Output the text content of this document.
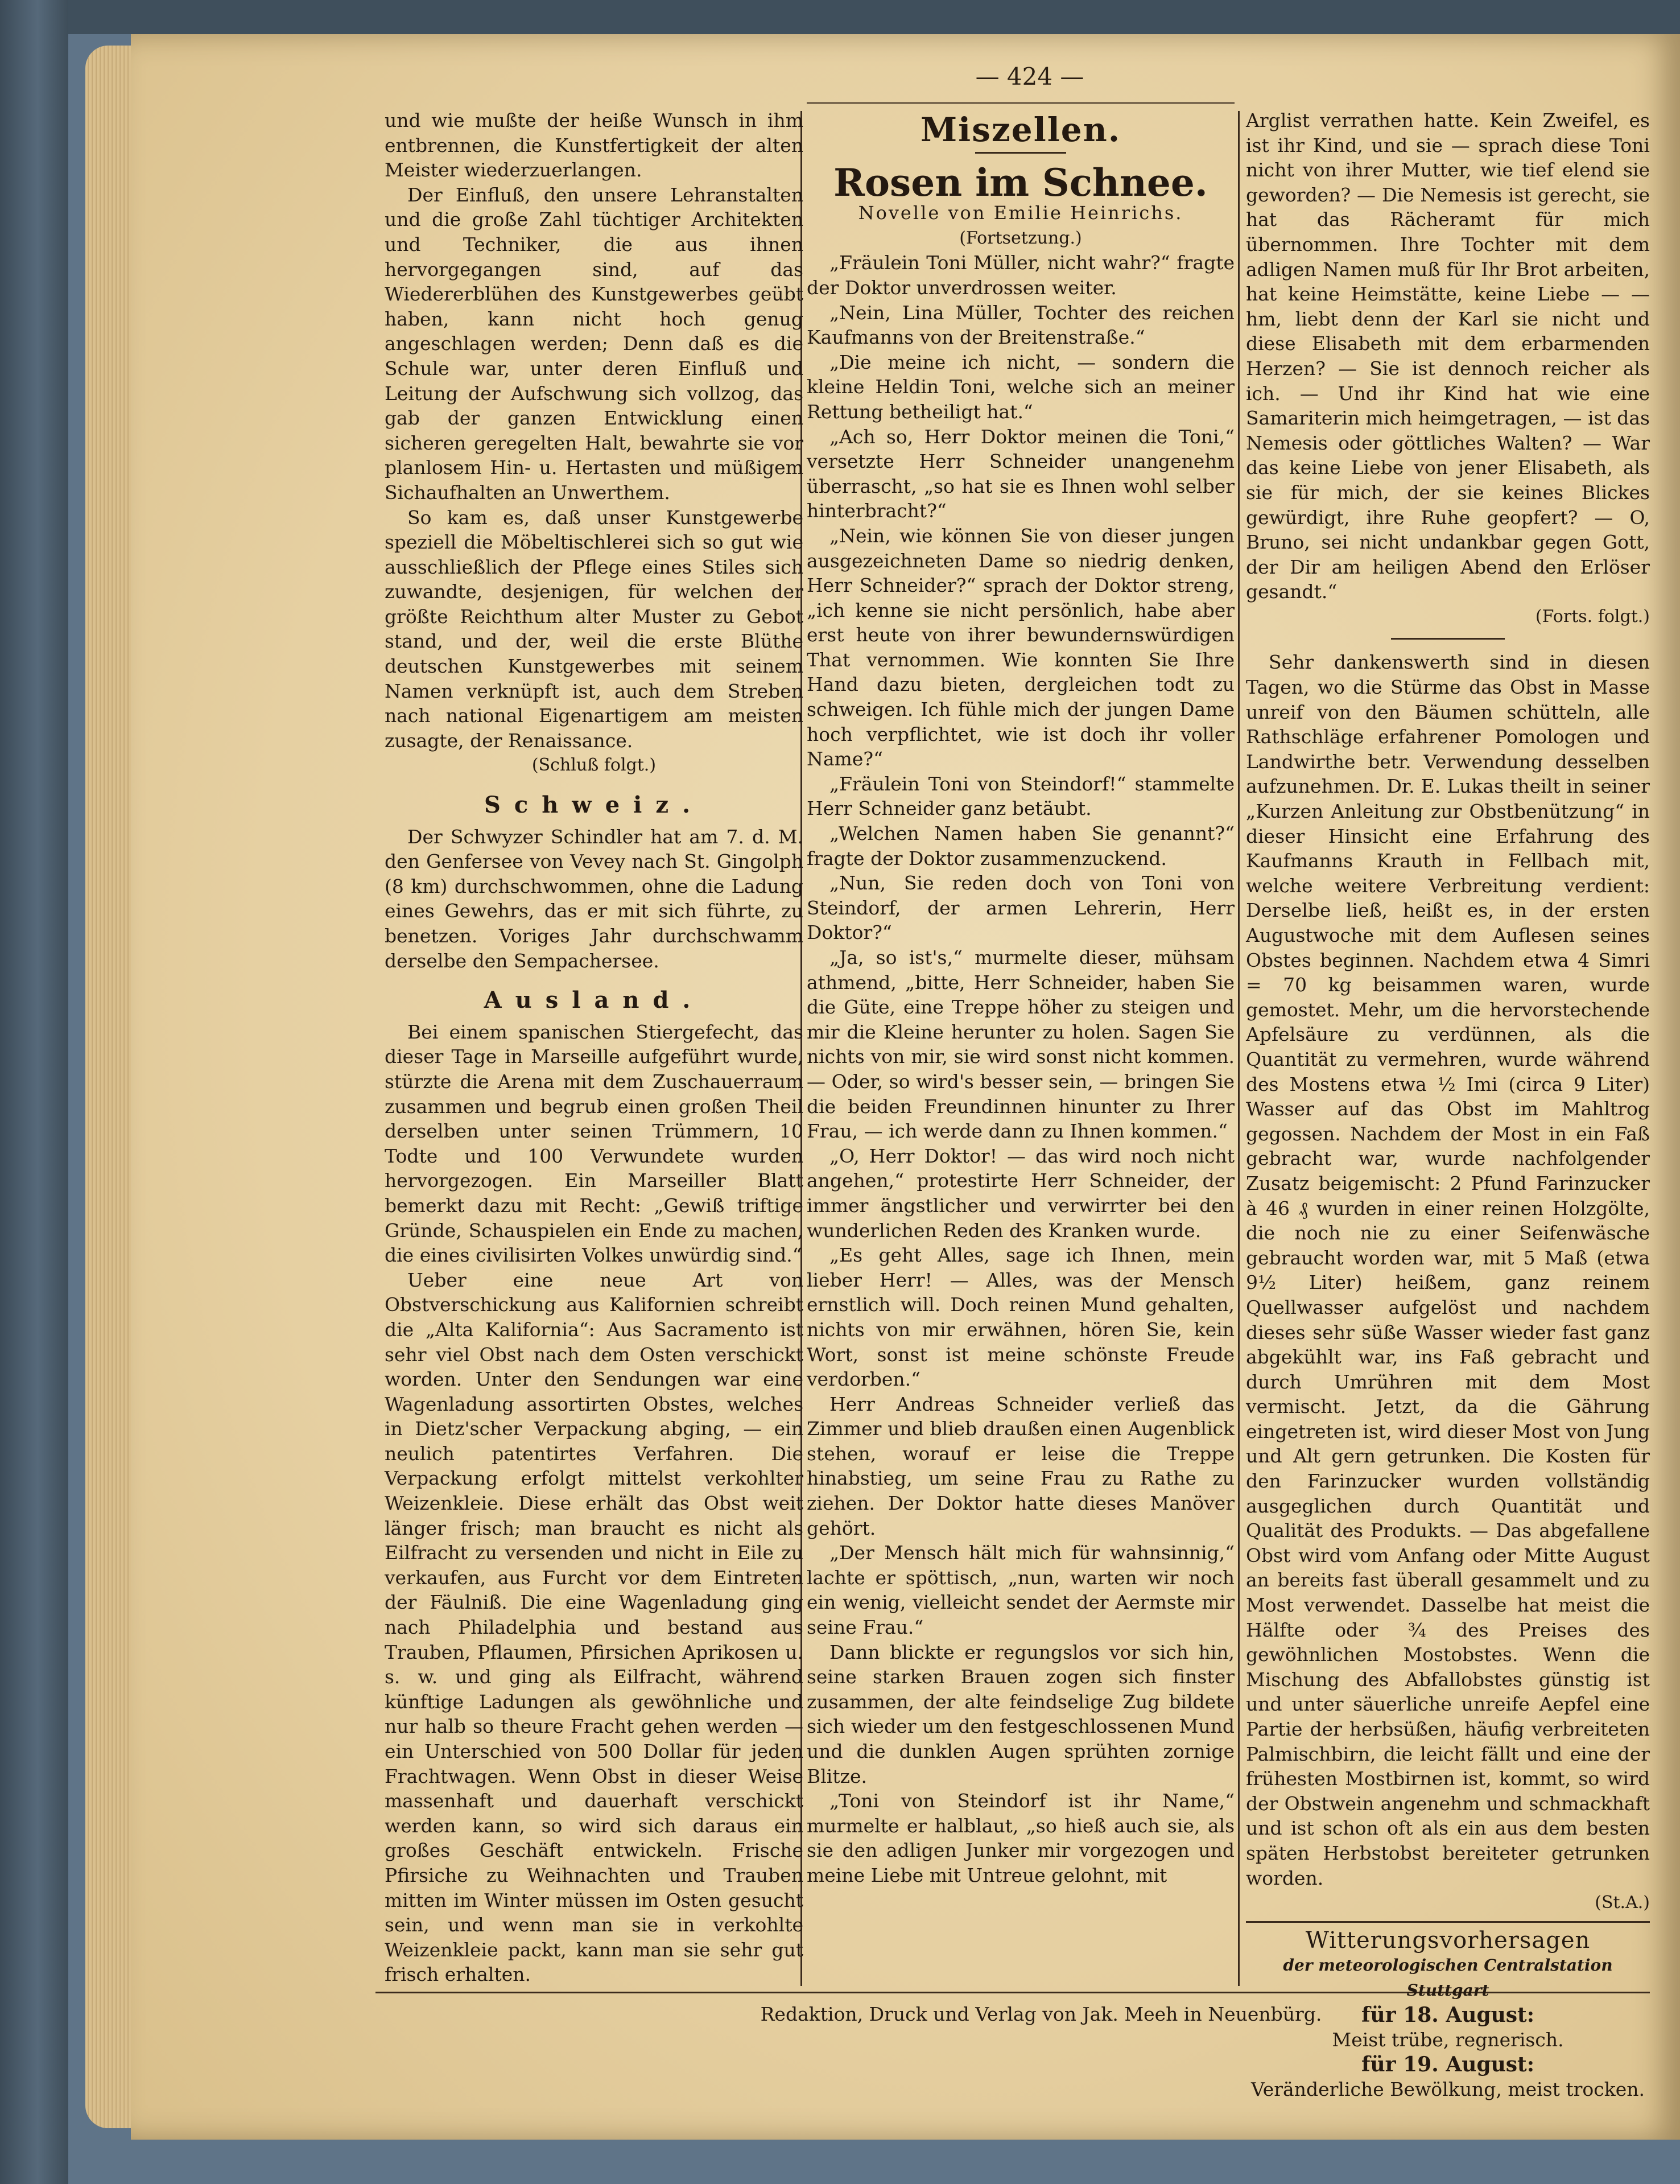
— 424 —

und wie mußte der heiße Wunsch in ihm entbrennen, die Kunstfertigkeit der alten Meister wiederzuerlangen.

Der Einfluß, den unsere Lehranstalten und die große Zahl tüchtiger Architekten und Techniker, die aus ihnen hervorgegangen sind, auf das Wiedererblühen des Kunstgewerbes geübt haben, kann nicht hoch genug angeschlagen werden; Denn daß es die Schule war, unter deren Einfluß und Leitung der Aufschwung sich vollzog, das gab der ganzen Entwicklung einen sicheren geregelten Halt, bewahrte sie vor planlosem Hin- u. Hertasten und müßigem Sichaufhalten an Unwerthem.

So kam es, daß unser Kunstgewerbe speziell die Möbeltischlerei sich so gut wie ausschließlich der Pflege eines Stiles sich zuwandte, desjenigen, für welchen der größte Reichthum alter Muster zu Gebot stand, und der, weil die erste Blüthe deutschen Kunstgewerbes mit seinem Namen verknüpft ist, auch dem Streben nach national Eigenartigem am meisten zusagte, der Renaissance.

(Schluß folgt.)

Schweiz.

Der Schwyzer Schindler hat am 7. d. M. den Genfersee von Vevey nach St. Gingolph (8 km) durchschwommen, ohne die Ladung eines Gewehrs, das er mit sich führte, zu benetzen. Voriges Jahr durchschwamm derselbe den Sempachersee.

Ausland.

Bei einem spanischen Stiergefecht, das dieser Tage in Marseille aufgeführt wurde, stürzte die Arena mit dem Zuschauerraum zusammen und begrub einen großen Theil derselben unter seinen Trümmern, 10 Todte und 100 Verwundete wurden hervorgezogen. Ein Marseiller Blatt bemerkt dazu mit Recht: „Gewiß triftige Gründe, Schauspielen ein Ende zu machen, die eines civilisirten Volkes unwürdig sind.“

Ueber eine neue Art von Obstverschickung aus Kalifornien schreibt die „Alta Kalifornia“: Aus Sacramento ist sehr viel Obst nach dem Osten verschickt worden. Unter den Sendungen war eine Wagenladung assortirten Obstes, welches in Dietz'scher Verpackung abging, — ein neulich patentirtes Verfahren. Die Verpackung erfolgt mittelst verkohlter Weizenkleie. Diese erhält das Obst weit länger frisch; man braucht es nicht als Eilfracht zu versenden und nicht in Eile zu verkaufen, aus Furcht vor dem Eintreten der Fäulniß. Die eine Wagenladung ging nach Philadelphia und bestand aus Trauben, Pflaumen, Pfirsichen Aprikosen u. s. w. und ging als Eilfracht, während künftige Ladungen als gewöhnliche und nur halb so theure Fracht gehen werden — ein Unterschied von 500 Dollar für jeden Frachtwagen. Wenn Obst in dieser Weise massenhaft und dauerhaft verschickt werden kann, so wird sich daraus ein großes Geschäft entwickeln. Frische Pfirsiche zu Weihnachten und Trauben mitten im Winter müssen im Osten gesucht sein, und wenn man sie in verkohlte Weizenkleie packt, kann man sie sehr gut frisch erhalten.

Miszellen.
Rosen im Schnee.
Novelle von Emilie Heinrichs.
(Fortsetzung.)

„Fräulein Toni Müller, nicht wahr?“ fragte der Doktor unverdrossen weiter.

„Nein, Lina Müller, Tochter des reichen Kaufmanns von der Breitenstraße.“

„Die meine ich nicht, — sondern die kleine Heldin Toni, welche sich an meiner Rettung betheiligt hat.“

„Ach so, Herr Doktor meinen die Toni,“ versetzte Herr Schneider unangenehm überrascht, „so hat sie es Ihnen wohl selber hinterbracht?“

„Nein, wie können Sie von dieser jungen ausgezeichneten Dame so niedrig denken, Herr Schneider?“ sprach der Doktor streng, „ich kenne sie nicht persönlich, habe aber erst heute von ihrer bewundernswürdigen That vernommen. Wie konnten Sie Ihre Hand dazu bieten, dergleichen todt zu schweigen. Ich fühle mich der jungen Dame hoch verpflichtet, wie ist doch ihr voller Name?“

„Fräulein Toni von Steindorf!“ stammelte Herr Schneider ganz betäubt.

„Welchen Namen haben Sie genannt?“ fragte der Doktor zusammenzuckend.

„Nun, Sie reden doch von Toni von Steindorf, der armen Lehrerin, Herr Doktor?“

„Ja, so ist's,“ murmelte dieser, mühsam athmend, „bitte, Herr Schneider, haben Sie die Güte, eine Treppe höher zu steigen und mir die Kleine herunter zu holen. Sagen Sie nichts von mir, sie wird sonst nicht kommen. — Oder, so wird's besser sein, — bringen Sie die beiden Freundinnen hinunter zu Ihrer Frau, — ich werde dann zu Ihnen kommen.“

„O, Herr Doktor! — das wird noch nicht angehen,“ protestirte Herr Schneider, der immer ängstlicher und verwirrter bei den wunderlichen Reden des Kranken wurde.

„Es geht Alles, sage ich Ihnen, mein lieber Herr! — Alles, was der Mensch ernstlich will. Doch reinen Mund gehalten, nichts von mir erwähnen, hören Sie, kein Wort, sonst ist meine schönste Freude verdorben.“

Herr Andreas Schneider verließ das Zimmer und blieb draußen einen Augenblick stehen, worauf er leise die Treppe hinabstieg, um seine Frau zu Rathe zu ziehen. Der Doktor hatte dieses Manöver gehört.

„Der Mensch hält mich für wahnsinnig,“ lachte er spöttisch, „nun, warten wir noch ein wenig, vielleicht sendet der Aermste mir seine Frau.“

Dann blickte er regungslos vor sich hin, seine starken Brauen zogen sich finster zusammen, der alte feindselige Zug bildete sich wieder um den festgeschlossenen Mund und die dunklen Augen sprühten zornige Blitze.

„Toni von Steindorf ist ihr Name,“ murmelte er halblaut, „so hieß auch sie, als sie den adligen Junker mir vorgezogen und meine Liebe mit Untreue gelohnt, mit

Arglist verrathen hatte. Kein Zweifel, es ist ihr Kind, und sie — sprach diese Toni nicht von ihrer Mutter, wie tief elend sie geworden? — Die Nemesis ist gerecht, sie hat das Rächeramt für mich übernommen. Ihre Tochter mit dem adligen Namen muß für Ihr Brot arbeiten, hat keine Heimstätte, keine Liebe — — hm, liebt denn der Karl sie nicht und diese Elisabeth mit dem erbarmenden Herzen? — Sie ist dennoch reicher als ich. — Und ihr Kind hat wie eine Samariterin mich heimgetragen, — ist das Nemesis oder göttliches Walten? — War das keine Liebe von jener Elisabeth, als sie für mich, der sie keines Blickes gewürdigt, ihre Ruhe geopfert? — O, Bruno, sei nicht undankbar gegen Gott, der Dir am heiligen Abend den Erlöser gesandt.“

(Forts. folgt.)

Sehr dankenswerth sind in diesen Tagen, wo die Stürme das Obst in Masse unreif von den Bäumen schütteln, alle Rathschläge erfahrener Pomologen und Landwirthe betr. Verwendung desselben aufzunehmen. Dr. E. Lukas theilt in seiner „Kurzen Anleitung zur Obstbenützung“ in dieser Hinsicht eine Erfahrung des Kaufmanns Krauth in Fellbach mit, welche weitere Verbreitung verdient: Derselbe ließ, heißt es, in der ersten Augustwoche mit dem Auflesen seines Obstes beginnen. Nachdem etwa 4 Simri = 70 kg beisammen waren, wurde gemostet. Mehr, um die hervorstechende Apfelsäure zu verdünnen, als die Quantität zu vermehren, wurde während des Mostens etwa ½ Imi (circa 9 Liter) Wasser auf das Obst im Mahltrog gegossen. Nachdem der Most in ein Faß gebracht war, wurde nachfolgender Zusatz beigemischt: 2 Pfund Farinzucker à 46 ₰ wurden in einer reinen Holzgölte, die noch nie zu einer Seifenwäsche gebraucht worden war, mit 5 Maß (etwa 9½ Liter) heißem, ganz reinem Quellwasser aufgelöst und nachdem dieses sehr süße Wasser wieder fast ganz abgekühlt war, ins Faß gebracht und durch Umrühren mit dem Most vermischt. Jetzt, da die Gährung eingetreten ist, wird dieser Most von Jung und Alt gern getrunken. Die Kosten für den Farinzucker wurden vollständig ausgeglichen durch Quantität und Qualität des Produkts. — Das abgefallene Obst wird vom Anfang oder Mitte August an bereits fast überall gesammelt und zu Most verwendet. Dasselbe hat meist die Hälfte oder ¾ des Preises des gewöhnlichen Mostobstes. Wenn die Mischung des Abfallobstes günstig ist und unter säuerliche unreife Aepfel eine Partie der herbsüßen, häufig verbreiteten Palmischbirn, die leicht fällt und eine der frühesten Mostbirnen ist, kommt, so wird der Obstwein angenehm und schmackhaft und ist schon oft als ein aus dem besten späten Herbstobst bereiteter getrunken worden.

(St.A.)

Witterungsvorhersagen
der meteorologischen Centralstation Stuttgart
für 18. August:
Meist trübe, regnerisch.
für 19. August:
Veränderliche Bewölkung, meist trocken.
Redaktion, Druck und Verlag von Jak. Meeh in Neuenbürg.
